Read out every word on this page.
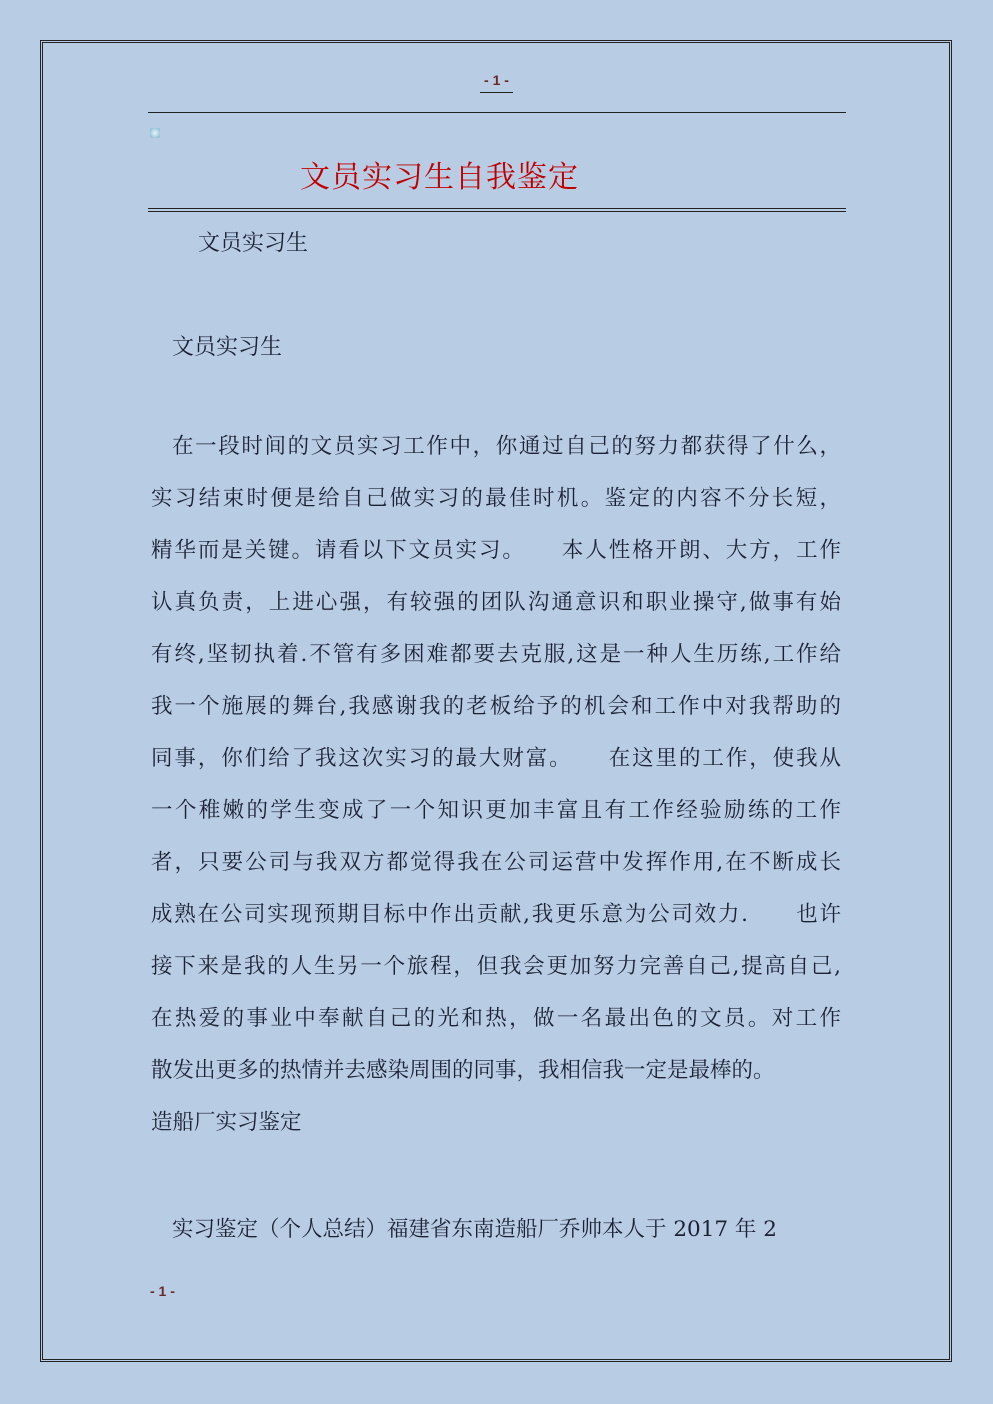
- 1 -
文员实习生自我鉴定
文员实习生
文员实习生
在一段时间的文员实习工作中，你通过自己的努力都获得了什么，
实习结束时便是给自己做实习的最佳时机。鉴定的内容不分长短，
精华而是关键。请看以下文员实习。　　本人性格开朗、大方，工作
认真负责，上进心强，有较强的团队沟通意识和职业操守,做事有始
有终,坚韧执着.不管有多困难都要去克服,这是一种人生历练,工作给
我一个施展的舞台,我感谢我的老板给予的机会和工作中对我帮助的
同事，你们给了我这次实习的最大财富。　　在这里的工作，使我从
一个稚嫩的学生变成了一个知识更加丰富且有工作经验励练的工作
者，只要公司与我双方都觉得我在公司运营中发挥作用,在不断成长
成熟在公司实现预期目标中作出贡献,我更乐意为公司效力.　　也许
接下来是我的人生另一个旅程，但我会更加努力完善自己,提高自己,
在热爱的事业中奉献自己的光和热，做一名最出色的文员。对工作
散发出更多的热情并去感染周围的同事，我相信我一定是最棒的。
造船厂实习鉴定
实习鉴定（个人总结）福建省东南造船厂乔帅本人于 2017 年 2
- 1 -
